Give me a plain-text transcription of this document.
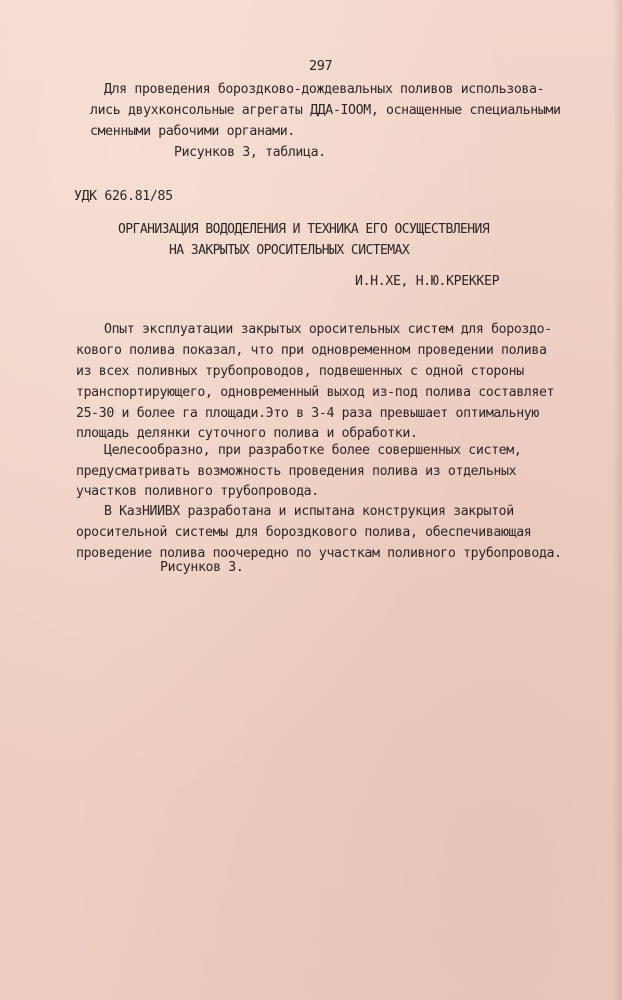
297
Для проведения бороздково-дождевальных поливов использова-
лись двухконсольные агрегаты ДДА-IООМ, оснащенные специальными
сменными рабочими органами.
Рисунков 3, таблица.
УДК 626.81/85
ОРГАНИЗАЦИЯ ВОДОДЕЛЕНИЯ И ТЕХНИКА ЕГО ОСУЩЕСТВЛЕНИЯ
НА ЗАКРЫТЫХ ОРОСИТЕЛЬНЫХ СИСТЕМАХ
И.Н.ХЕ, Н.Ю.КРЕККЕР
Опыт эксплуатации закрытых оросительных систем для бороздо-
кового полива показал, что при одновременном проведении полива
из всех поливных трубопроводов, подвешенных с одной стороны
транспортирующего, одновременный выход из-под полива составляет
25-30 и более га площади.Это в 3-4 раза превышает оптимальную
площадь делянки суточного полива и обработки.
Целесообразно, при разработке более совершенных систем,
предусматривать возможность проведения полива из отдельных
участков поливного трубопровода.
В КазНИИВХ разработана и испытана конструкция закрытой
оросительной системы для бороздкового полива, обеспечивающая
проведение полива поочередно по участкам поливного трубопровода.
Рисунков 3.
